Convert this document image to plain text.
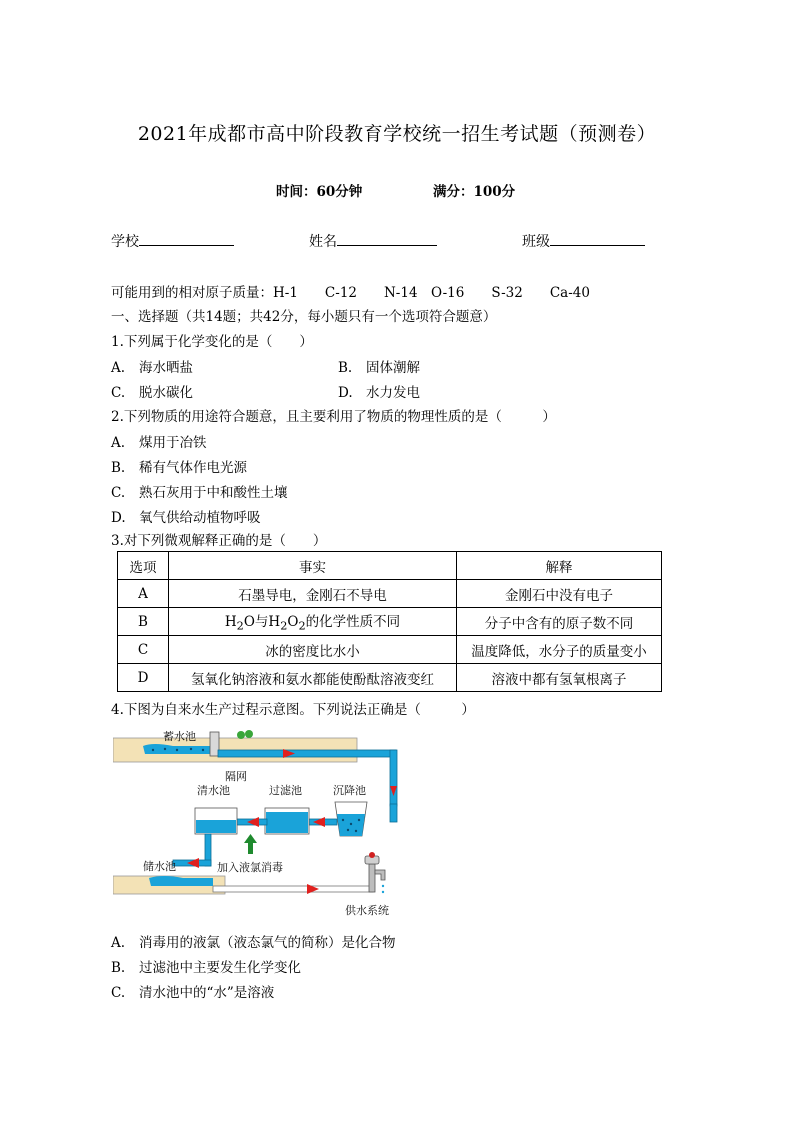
2021年成都市高中阶段教育学校统一招生考试题（预测卷）
时间：60分钟	满分：100分
学校	姓名	班级
可能用到的相对原子质量：H-1　　C-12　　N-14　O-16　　S-32　　Ca-40
一、选择题（共14题；共42分，每小题只有一个选项符合题意）
1.下列属于化学变化的是（　　）
A. 海水晒盐	B. 固体潮解
C. 脱水碳化	D. 水力发电
2.下列物质的用途符合题意，且主要利用了物质的物理性质的是（　　　）
A. 煤用于冶铁
B. 稀有气体作电光源
C. 熟石灰用于中和酸性土壤
D. 氧气供给动植物呼吸
3.对下列微观解释正确的是（　　）
选项	事实	解释
A	石墨导电，金刚石不导电	金刚石中没有电子
B	$H_2O$与$H_2O_2$的化学性质不同	分子中含有的原子数不同
C	冰的密度比水小	温度降低，水分子的质量变小
D	氢氧化钠溶液和氨水都能使酚酞溶液变红	溶液中都有氢氧根离子
4.下图为自来水生产过程示意图。下列说法正确是（　　　）
蓄水池
隔网
清水池	过滤池	沉降池
储水池	加入液氯消毒
供水系统
A. 消毒用的液氯（液态氯气的简称）是化合物
B. 过滤池中主要发生化学变化
C. 清水池中的“水”是溶液
